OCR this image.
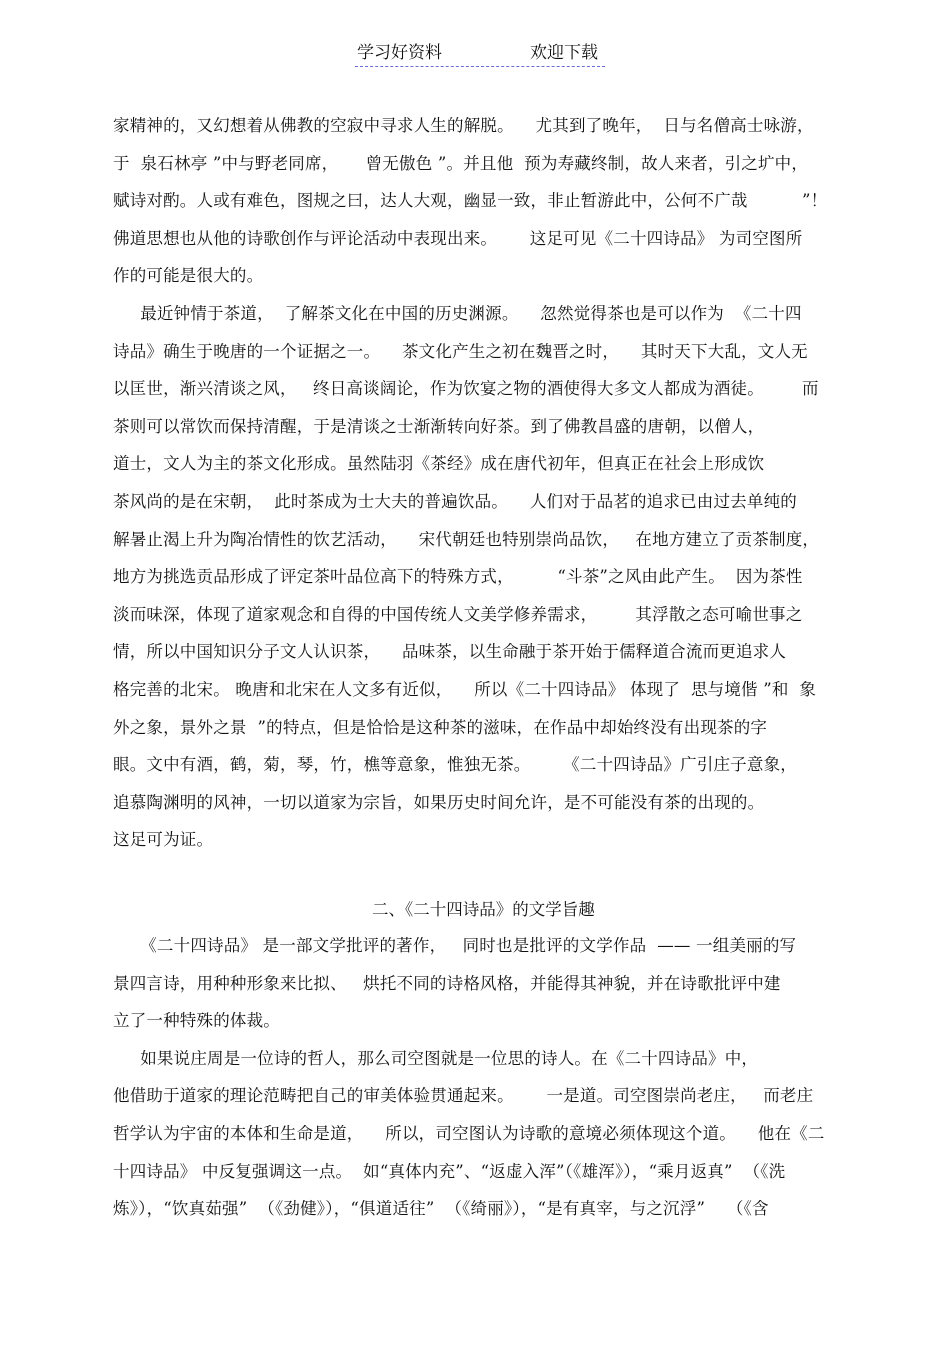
学习好资料	欢迎下载
家精神的，又幻想着从佛教的空寂中寻求人生的解脱。    尤其到了晚年，  日与名僧高士咏游，
于  泉石林亭 ”中与野老同席，     曾无傲色 ”。并且他  预为寿藏终制，故人来者，引之圹中，
赋诗对酌。人或有难色，图规之曰，达人大观，幽显一致，非止暂游此中，公何不广哉          ”！
佛道思想也从他的诗歌创作与评论活动中表现出来。      这足可见《二十四诗品》 为司空图所
作的可能是很大的。
最近钟情于茶道，  了解茶文化在中国的历史渊源。    忽然觉得茶也是可以作为  《二十四
诗品》确生于晚唐的一个证据之一。    茶文化产生之初在魏晋之时，    其时天下大乱，文人无
以匡世，渐兴清谈之风，   终日高谈阔论，作为饮宴之物的酒使得大多文人都成为酒徒。       而
茶则可以常饮而保持清醒，于是清谈之士渐渐转向好茶。到了佛教昌盛的唐朝，以僧人，
道士，文人为主的茶文化形成。虽然陆羽《茶经》成在唐代初年，但真正在社会上形成饮
茶风尚的是在宋朝，  此时茶成为士大夫的普遍饮品。    人们对于品茗的追求已由过去单纯的
解暑止渴上升为陶冶情性的饮艺活动，    宋代朝廷也特别崇尚品饮，   在地方建立了贡茶制度，
地方为挑选贡品形成了评定茶叶品位高下的特殊方式，        “斗茶”之风由此产生。  因为茶性
淡而味深，体现了道家观念和自得的中国传统人文美学修养需求，       其浮散之态可喻世事之
情，所以中国知识分子文人认识茶，    品味茶，以生命融于茶开始于儒释道合流而更追求人
格完善的北宋。 晚唐和北宋在人文多有近似，    所以《二十四诗品》 体现了  思与境偕 ”和  象
外之象，景外之景  ”的特点，但是恰恰是这种茶的滋味，在作品中却始终没有出现茶的字
眼。文中有酒，鹤，菊，琴，竹，樵等意象，惟独无茶。      《二十四诗品》广引庄子意象，
追慕陶渊明的风神，一切以道家为宗旨，如果历史时间允许，是不可能没有茶的出现的。
这足可为证。
二、《二十四诗品》的文学旨趣
《二十四诗品》 是一部文学批评的著作，   同时也是批评的文学作品  —— 一组美丽的写
景四言诗，用种种形象来比拟、   烘托不同的诗格风格，并能得其神貌，并在诗歌批评中建
立了一种特殊的体裁。
如果说庄周是一位诗的哲人，那么司空图就是一位思的诗人。在《二十四诗品》中，
他借助于道家的理论范畴把自己的审美体验贯通起来。      一是道。司空图崇尚老庄，   而老庄
哲学认为宇宙的本体和生命是道，    所以，司空图认为诗歌的意境必须体现这个道。    他在《二
十四诗品》 中反复强调这一点。  如“真体内充”、“返虚入浑”（《雄浑》），“乘月返真”  （《洗
炼》），“饮真茹强”  （《劲健》），“俱道适往”  （《绮丽》），“是有真宰，与之沉浮”    （《含
